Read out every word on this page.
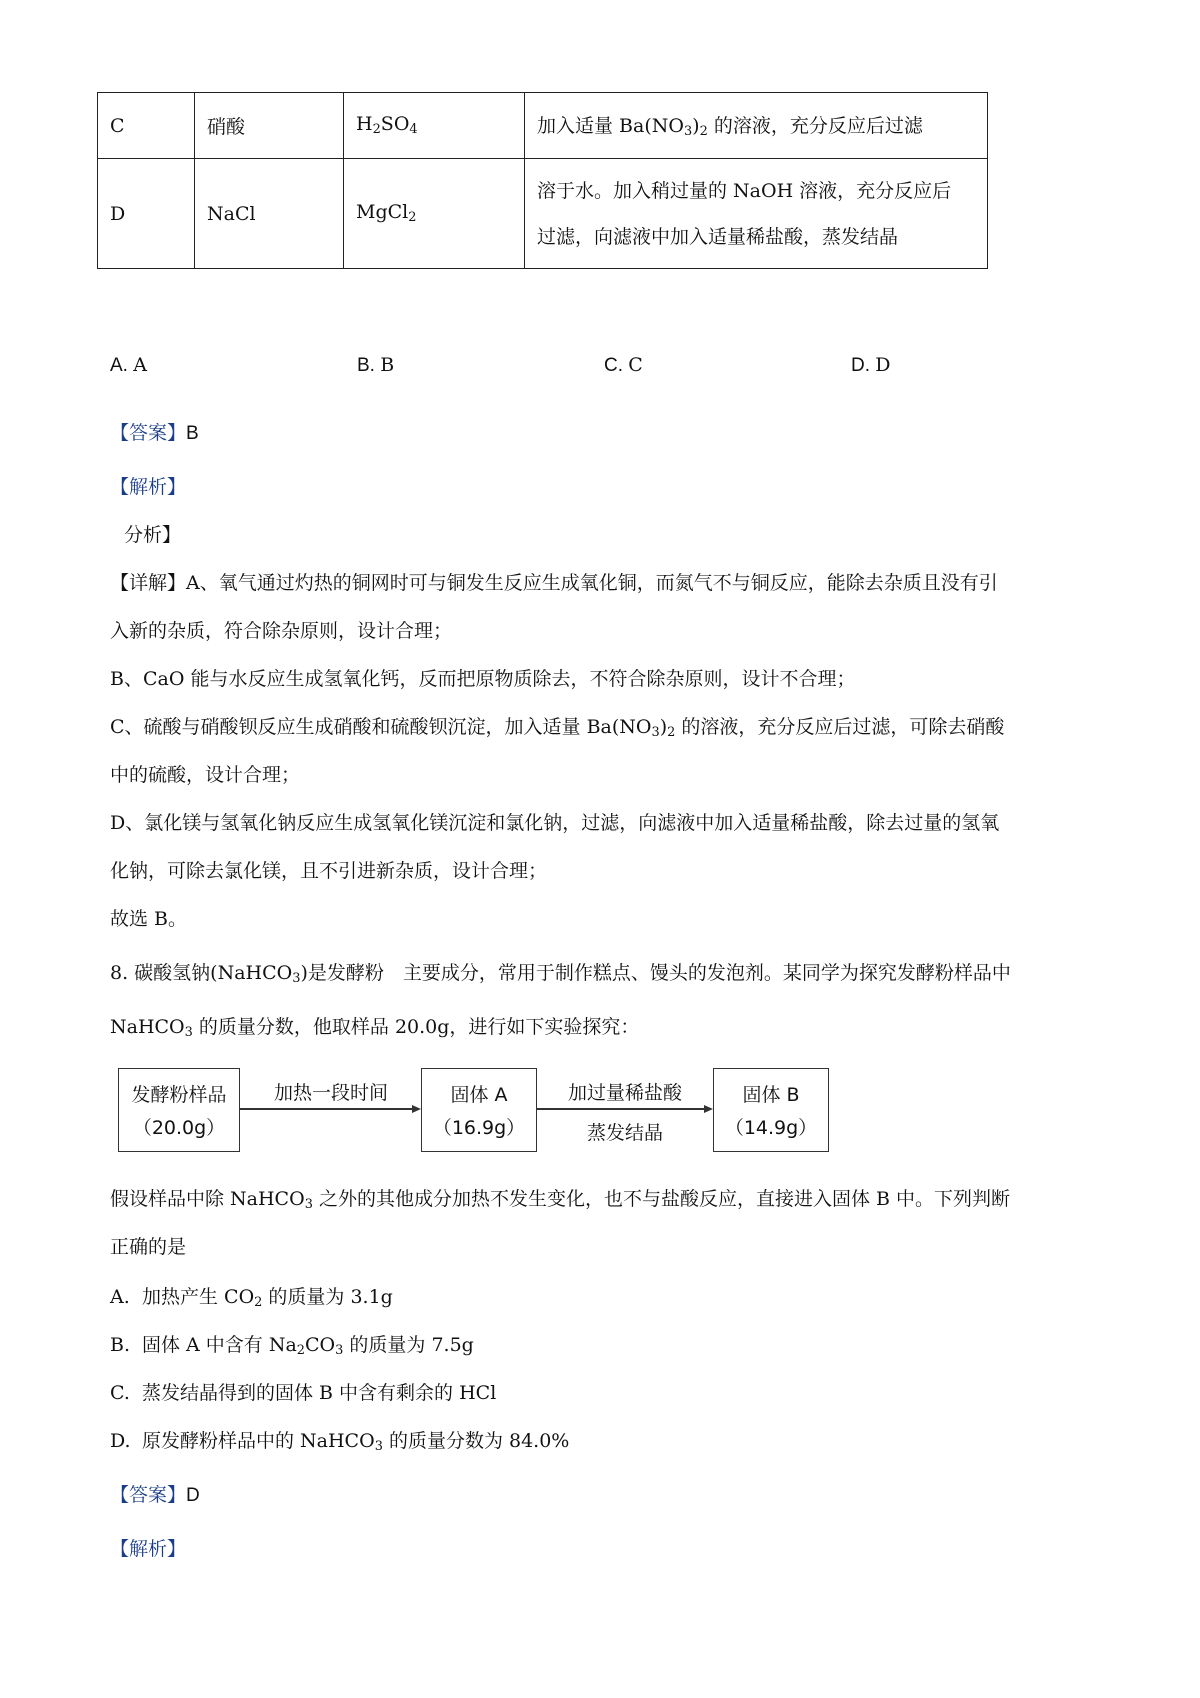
C	硝酸	$H_2SO_4$	加入适量 $Ba(NO_3)_2$ 的溶液，充分反应后过滤
D	NaCl	MgCl$_2$	溶于水。加入稍过量的 NaOH 溶液，充分反应后
过滤，向滤液中加入适量稀盐酸，蒸发结晶
A. A	B. B	C. C	D. D
【答案】B
【解析】
分析】
【详解】A、氧气通过灼热的铜网时可与铜发生反应生成氧化铜，而氮气不与铜反应，能除去杂质且没有引
入新的杂质，符合除杂原则，设计合理；
B、CaO 能与水反应生成氢氧化钙，反而把原物质除去，不符合除杂原则，设计不合理；
C、硫酸与硝酸钡反应生成硝酸和硫酸钡沉淀，加入适量 $Ba(NO_3)_2$ 的溶液，充分反应后过滤，可除去硝酸
中的硫酸，设计合理；
D、氯化镁与氢氧化钠反应生成氢氧化镁沉淀和氯化钠，过滤，向滤液中加入适量稀盐酸，除去过量的氢氧
化钠，可除去氯化镁，且不引进新杂质，设计合理；
故选 B。
8. 碳酸氢钠(NaHCO$_3$)是发酵粉　主要成分，常用于制作糕点、馒头的发泡剂。某同学为探究发酵粉样品中
NaHCO$_3$ 的质量分数，他取样品 20.0g，进行如下实验探究：
发酵粉样品
（20.0g）
加热一段时间	固体 A
（16.9g）
加过量稀盐酸
蒸发结晶
固体 B
（14.9g）
假设样品中除 NaHCO$_3$ 之外的其他成分加热不发生变化，也不与盐酸反应，直接进入固体 B 中。下列判断
正确的是
A. 加热产生 $CO_2$ 的质量为 3.1g
B. 固体 A 中含有 $Na_2CO_3$ 的质量为 7.5g
C. 蒸发结晶得到的固体 B 中含有剩余的 HCl
D. 原发酵粉样品中的 NaHCO$_3$ 的质量分数为 84.0%
【答案】D
【解析】
